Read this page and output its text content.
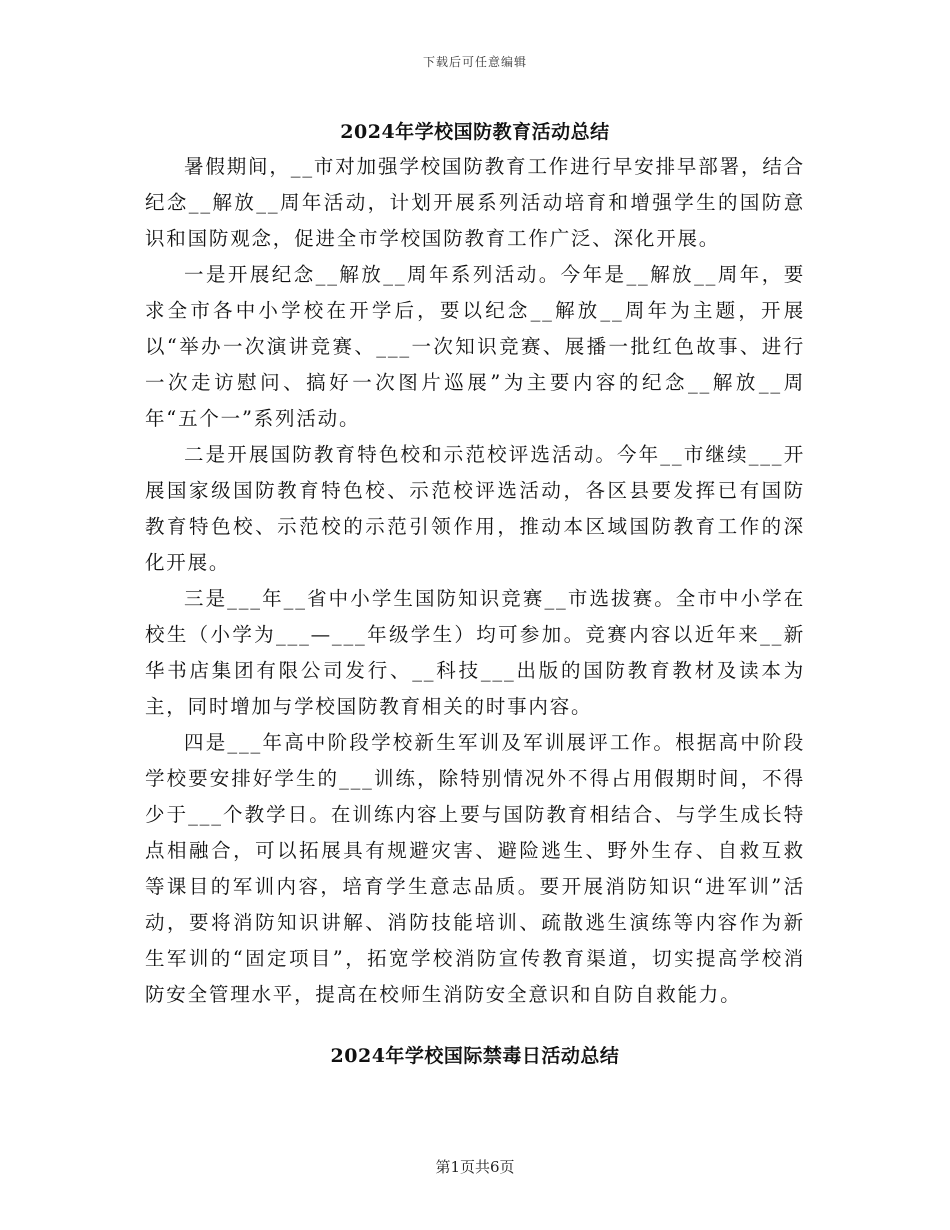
下载后可任意编辑
2024年学校国防教育活动总结

暑假期间，__市对加强学校国防教育工作进行早安排早部署，结合纪念__解放__周年活动，计划开展系列活动培育和增强学生的国防意识和国防观念，促进全市学校国防教育工作广泛、深化开展。

一是开展纪念__解放__周年系列活动。今年是__解放__周年，要求全市各中小学校在开学后，要以纪念__解放__周年为主题，开展以“举办一次演讲竞赛、___一次知识竞赛、展播一批红色故事、进行一次走访慰问、搞好一次图片巡展”为主要内容的纪念__解放__周年“五个一”系列活动。

二是开展国防教育特色校和示范校评选活动。今年__市继续___开展国家级国防教育特色校、示范校评选活动，各区县要发挥已有国防教育特色校、示范校的示范引领作用，推动本区域国防教育工作的深化开展。

三是___年__省中小学生国防知识竞赛__市选拔赛。全市中小学在校生（小学为___—___年级学生）均可参加。竞赛内容以近年来__新华书店集团有限公司发行、__科技___出版的国防教育教材及读本为主，同时增加与学校国防教育相关的时事内容。

四是___年高中阶段学校新生军训及军训展评工作。根据高中阶段学校要安排好学生的___训练，除特别情况外不得占用假期时间，不得少于___个教学日。在训练内容上要与国防教育相结合、与学生成长特点相融合，可以拓展具有规避灾害、避险逃生、野外生存、自救互救等课目的军训内容，培育学生意志品质。要开展消防知识“进军训”活动，要将消防知识讲解、消防技能培训、疏散逃生演练等内容作为新生军训的“固定项目”，拓宽学校消防宣传教育渠道，切实提高学校消防安全管理水平，提高在校师生消防安全意识和自防自救能力。

2024年学校国际禁毒日活动总结
第1页共6页
